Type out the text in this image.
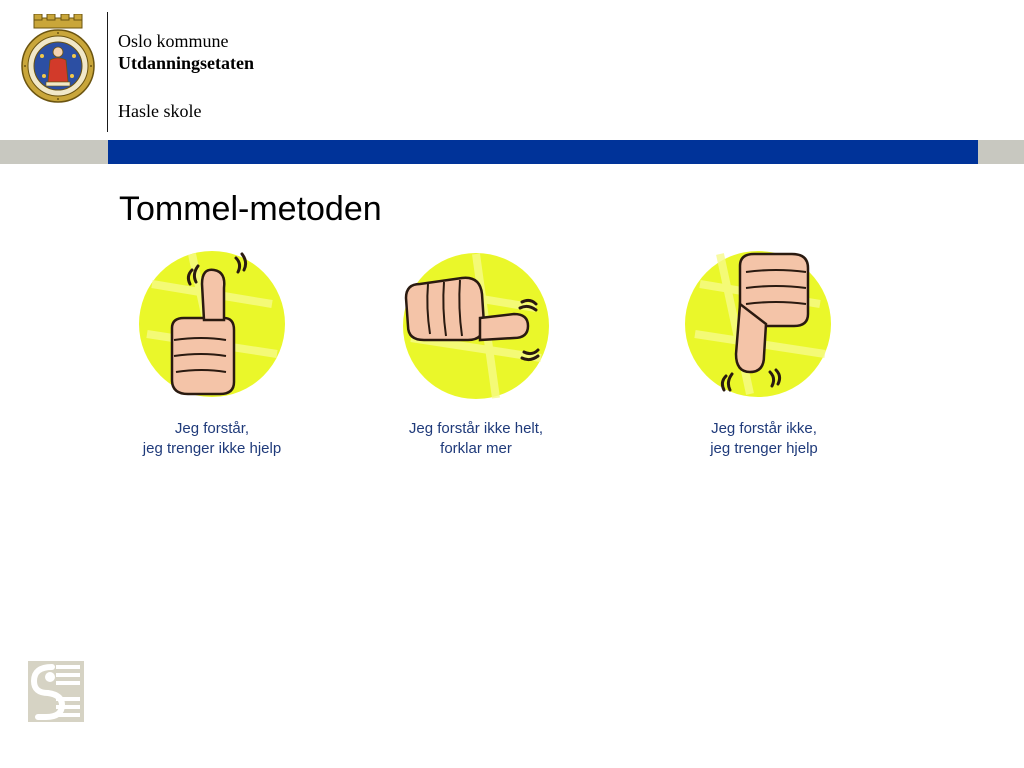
Oslo kommune
Utdanningsetaten
Hasle skole
Tommel-metoden
Jeg forstår,
jeg trenger ikke hjelp
Jeg forstår ikke helt,
forklar mer
Jeg forstår ikke,
jeg trenger hjelp
